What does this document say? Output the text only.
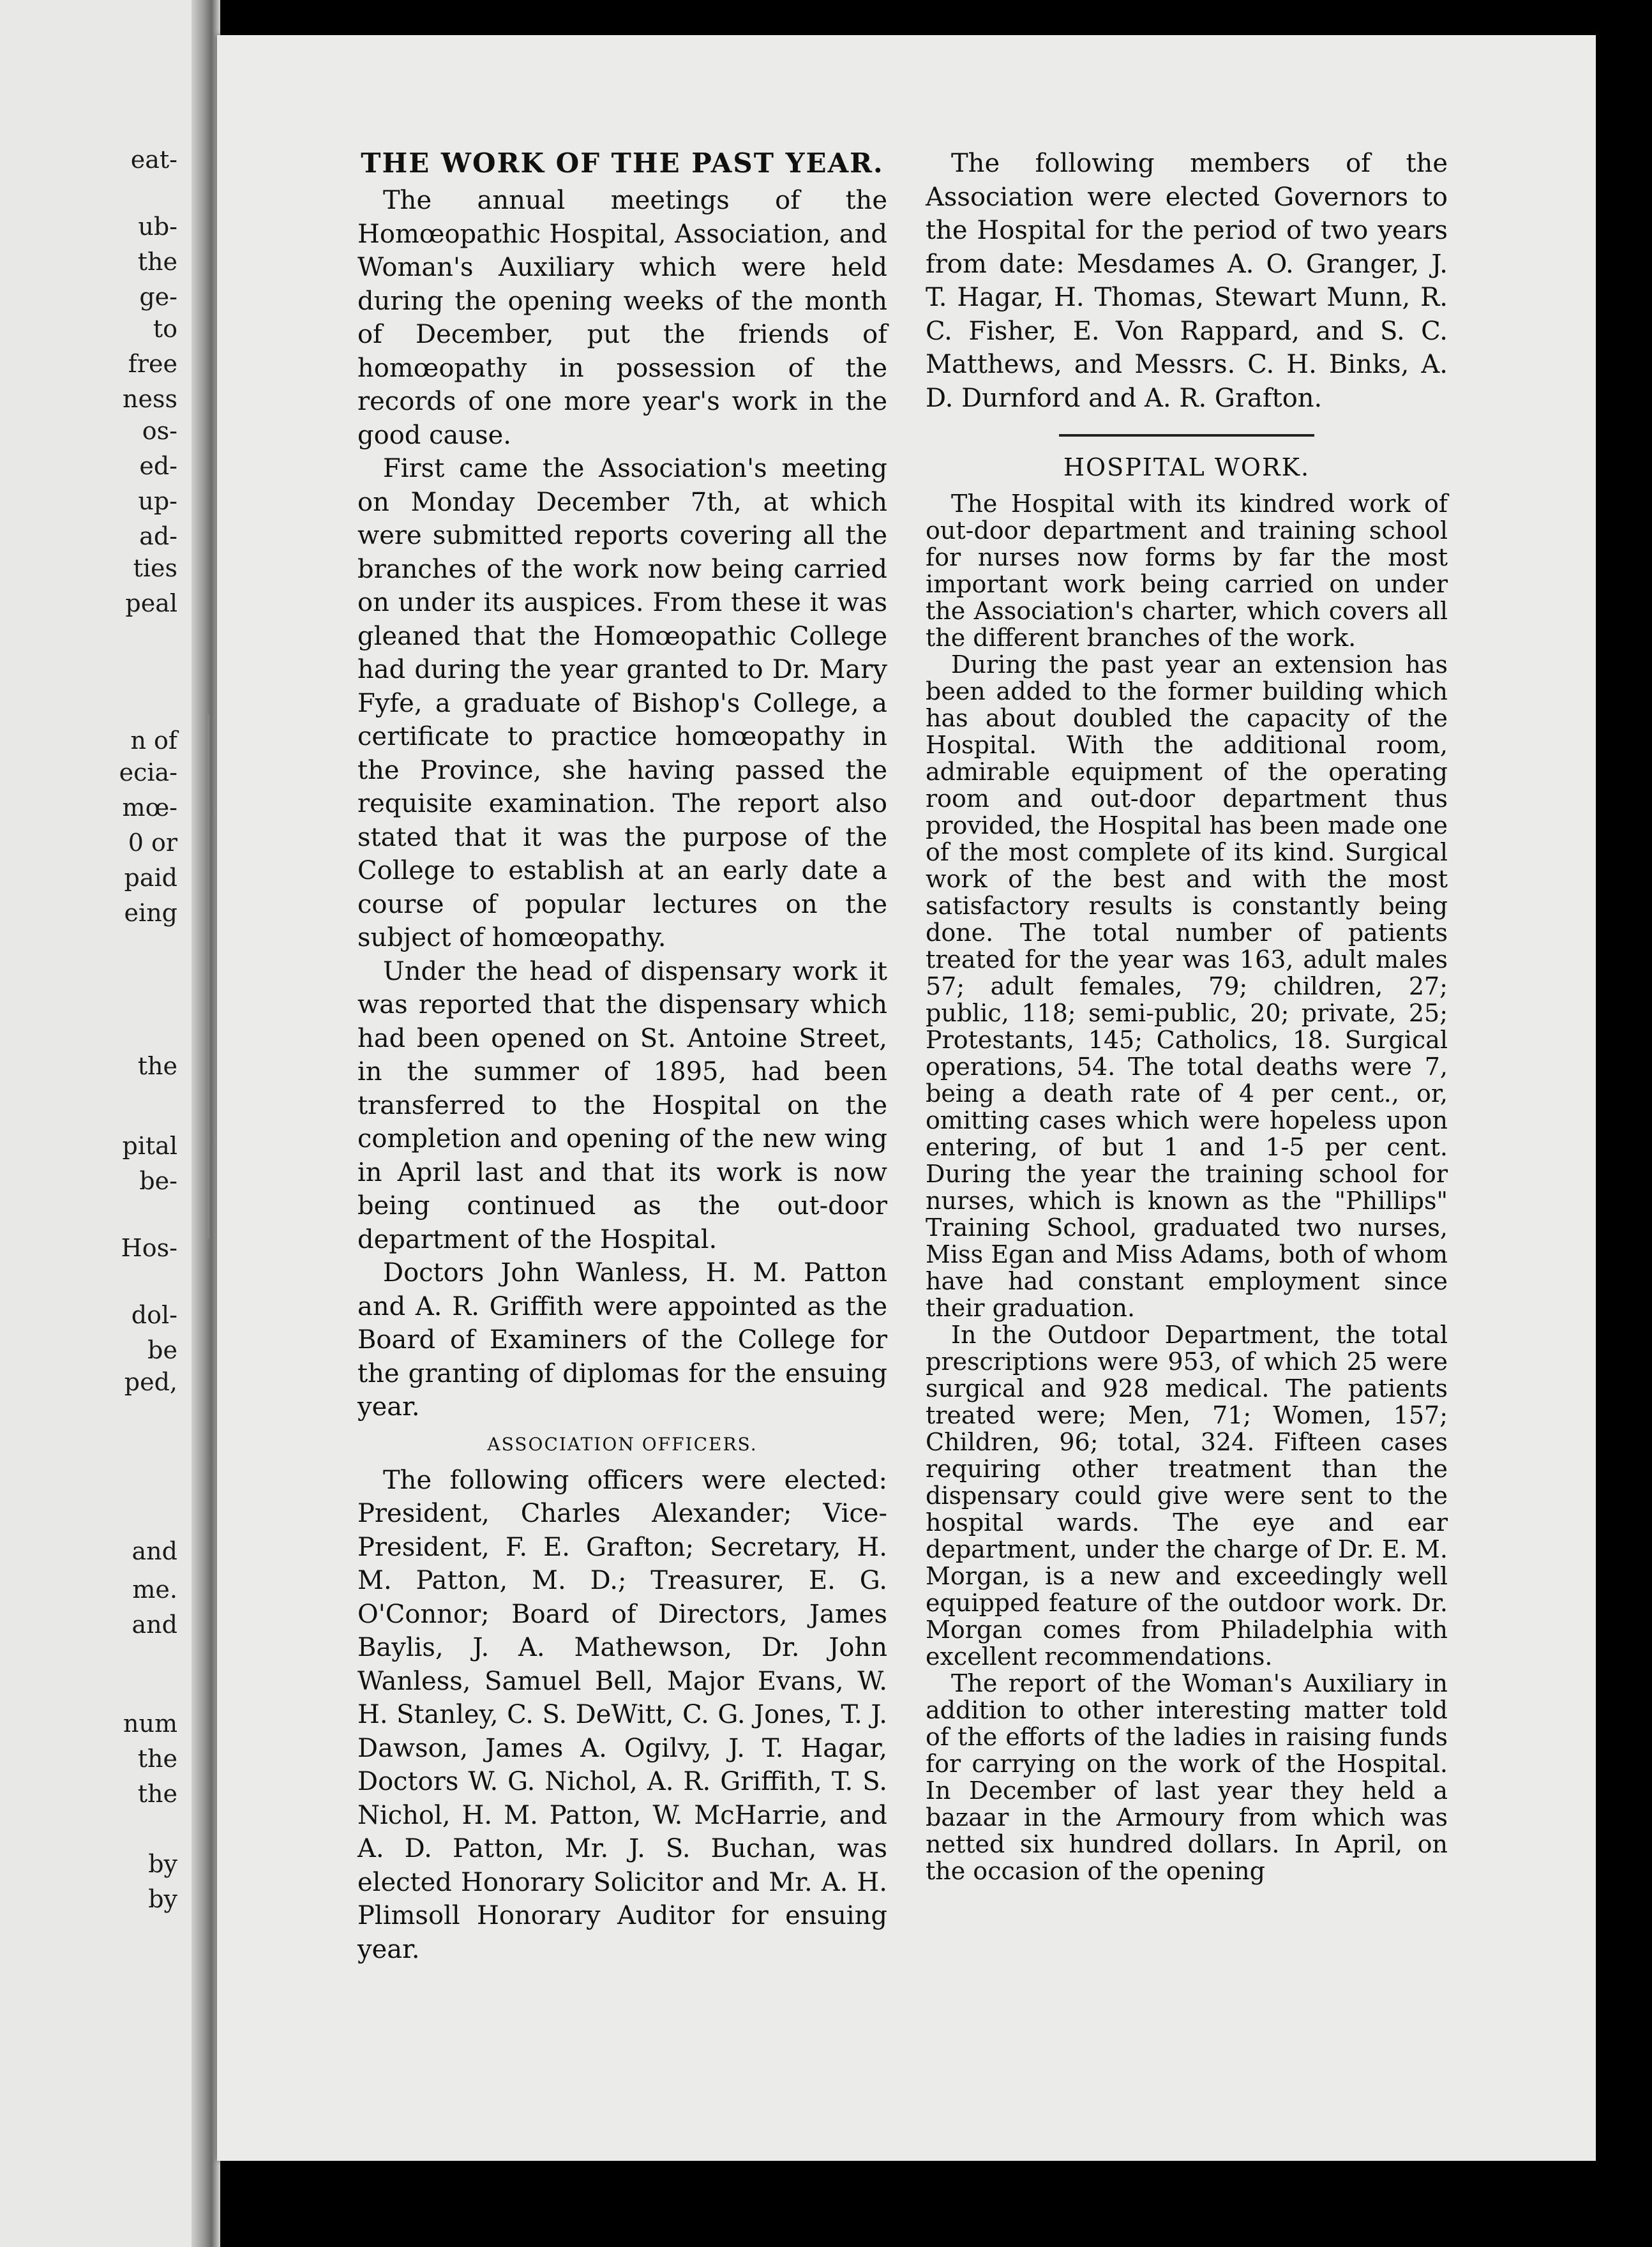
eat-
ub-
the
ge-
to
free
ness
os-
ed-
up-
ad-
ties
peal
n of
ecia-
mœ-
0 or
paid
eing
the
pital
be-
Hos-
dol-
be
ped,
and
me.
and
num
the
the
by
by
THE WORK OF THE PAST YEAR.

The annual meetings of the Homœopathic Hospital, Association, and Woman's Auxiliary which were held during the opening weeks of the month of December, put the friends of homœopathy in possession of the records of one more year's work in the good cause.

First came the Association's meeting on Monday December 7th, at which were submitted reports covering all the branches of the work now being carried on under its auspices. From these it was gleaned that the Homœopathic College had during the year granted to Dr. Mary Fyfe, a graduate of Bishop's College, a certificate to practice homœopathy in the Province, she having passed the requisite examination. The report also stated that it was the purpose of the College to establish at an early date a course of popular lectures on the subject of homœopathy.

Under the head of dispensary work it was reported that the dispensary which had been opened on St. Antoine Street, in the summer of 1895, had been transferred to the Hospital on the completion and opening of the new wing in April last and that its work is now being continued as the out-door department of the Hospital.

Doctors John Wanless, H. M. Patton and A. R. Griffith were appointed as the Board of Examiners of the College for the granting of diplomas for the ensuing year.

ASSOCIATION OFFICERS.

The following officers were elected: President, Charles Alexander; Vice-President, F. E. Grafton; Secretary, H. M. Patton, M. D.; Treasurer, E. G. O'Connor; Board of Directors, James Baylis, J. A. Mathewson, Dr. John Wanless, Samuel Bell, Major Evans, W. H. Stanley, C. S. DeWitt, C. G. Jones, T. J. Dawson, James A. Ogilvy, J. T. Hagar, Doctors W. G. Nichol, A. R. Griffith, T. S. Nichol, H. M. Patton, W. McHarrie, and A. D. Patton, Mr. J. S. Buchan, was elected Honorary Solicitor and Mr. A. H. Plimsoll Honorary Auditor for ensuing year.

The following members of the Association were elected Governors to the Hospital for the period of two years from date: Mesdames A. O. Granger, J. T. Hagar, H. Thomas, Stewart Munn, R. C. Fisher, E. Von Rappard, and S. C. Matthews, and Messrs. C. H. Binks, A. D. Durnford and A. R. Grafton.

HOSPITAL WORK.

The Hospital with its kindred work of out-door department and training school for nurses now forms by far the most important work being carried on under the Association's charter, which covers all the different branches of the work.

During the past year an extension has been added to the former building which has about doubled the capacity of the Hospital. With the additional room, admirable equipment of the operating room and out-door department thus provided, the Hospital has been made one of the most complete of its kind. Surgical work of the best and with the most satisfactory results is constantly being done. The total number of patients treated for the year was 163, adult males 57; adult females, 79; children, 27; public, 118; semi-public, 20; private, 25; Protestants, 145; Catholics, 18. Surgical operations, 54. The total deaths were 7, being a death rate of 4 per cent., or, omitting cases which were hopeless upon entering, of but 1 and 1-5 per cent. During the year the training school for nurses, which is known as the "Phillips" Training School, graduated two nurses, Miss Egan and Miss Adams, both of whom have had constant employment since their graduation.

In the Outdoor Department, the total prescriptions were 953, of which 25 were surgical and 928 medical. The patients treated were; Men, 71; Women, 157; Children, 96; total, 324. Fifteen cases requiring other treatment than the dispensary could give were sent to the hospital wards. The eye and ear department, under the charge of Dr. E. M. Morgan, is a new and exceedingly well equipped feature of the outdoor work. Dr. Morgan comes from Philadelphia with excellent recommendations.

The report of the Woman's Auxiliary in addition to other interesting matter told of the efforts of the ladies in raising funds for carrying on the work of the Hospital. In December of last year they held a bazaar in the Armoury from which was netted six hundred dollars. In April, on the occasion of the opening
